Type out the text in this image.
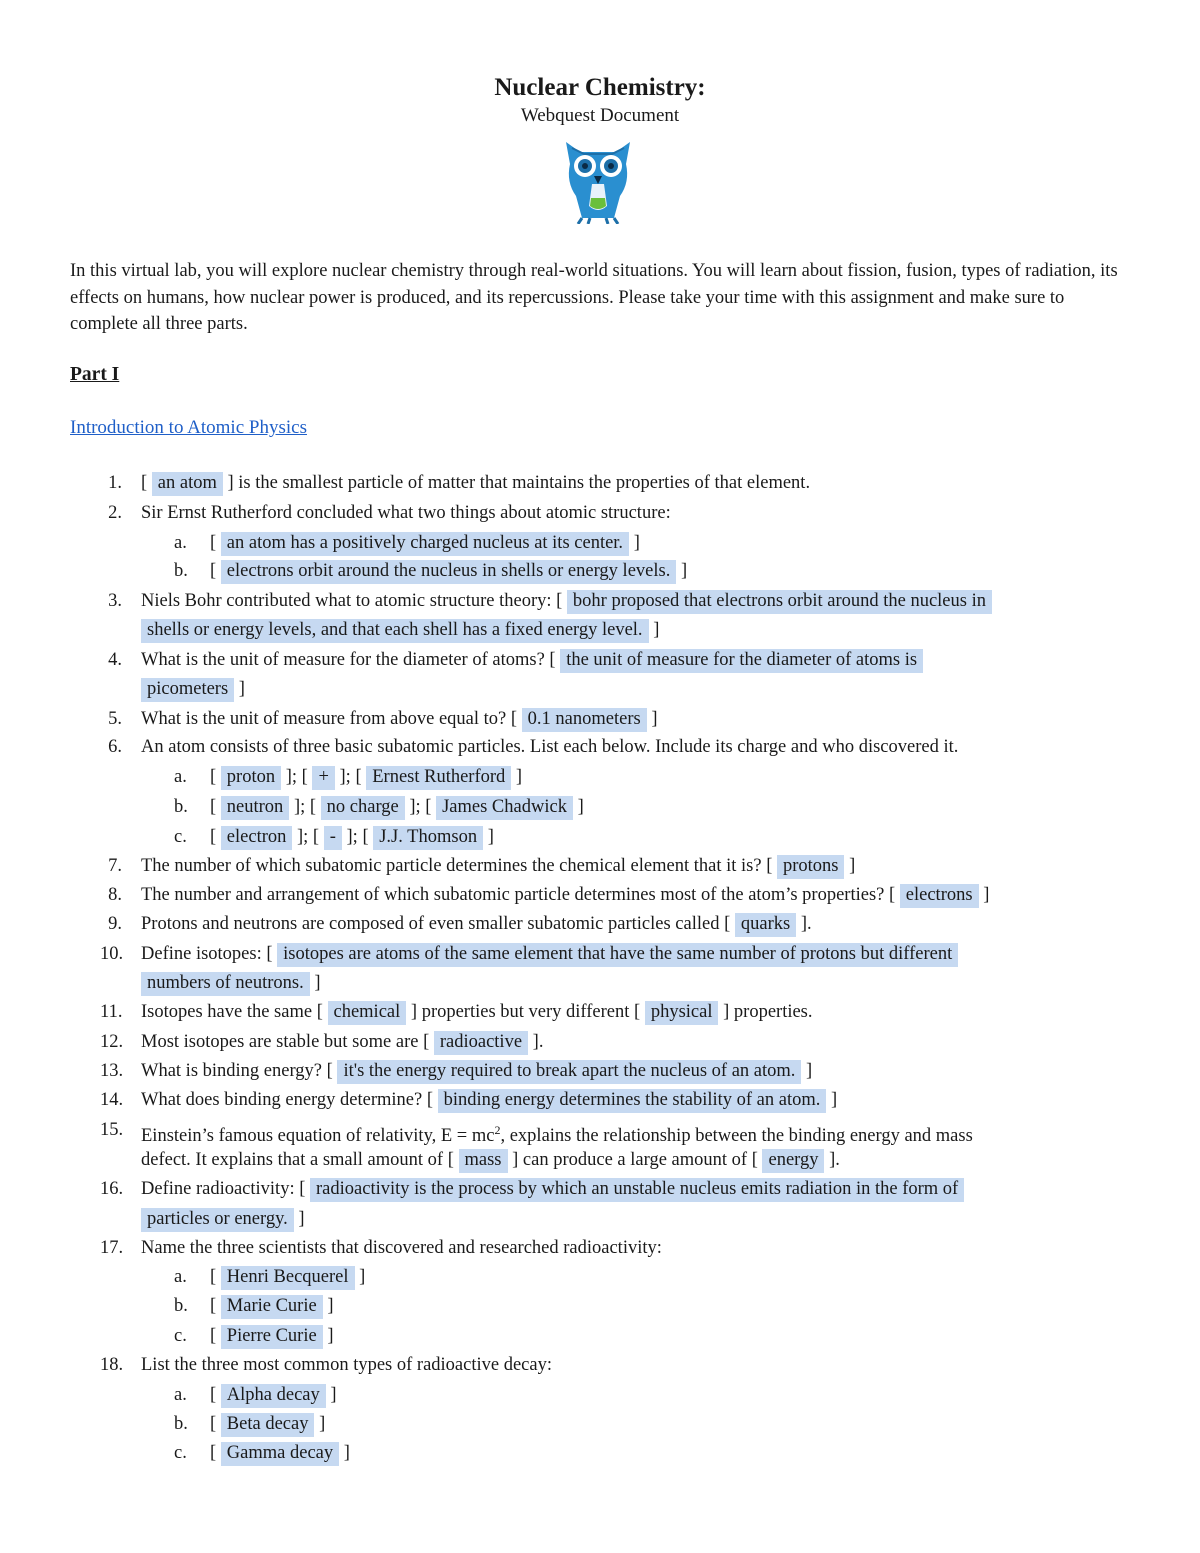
Nuclear Chemistry:
Webquest Document
In this virtual lab, you will explore nuclear chemistry through real-world situations. You will learn about fission, fusion, types of radiation, its effects on humans, how nuclear power is produced, and its repercussions. Please take your time with this assignment and make sure to complete all three parts.
Part I
Introduction to Atomic Physics
1. [ an atom ] is the smallest particle of matter that maintains the properties of that element.
2. Sir Ernst Rutherford concluded what two things about atomic structure:
a. [ an atom has a positively charged nucleus at its center. ]
b. [ electrons orbit around the nucleus in shells or energy levels. ]
3. Niels Bohr contributed what to atomic structure theory: [ bohr proposed that electrons orbit around the nucleus in
shells or energy levels, and that each shell has a fixed energy level. ]
4. What is the unit of measure for the diameter of atoms? [ the unit of measure for the diameter of atoms is
picometers ]
5. What is the unit of measure from above equal to? [ 0.1 nanometers ]
6. An atom consists of three basic subatomic particles. List each below. Include its charge and who discovered it.
a. [ proton ]; [ + ]; [ Ernest Rutherford ]
b. [ neutron ]; [ no charge ]; [ James Chadwick ]
c. [ electron ]; [ - ]; [ J.J. Thomson ]
7. The number of which subatomic particle determines the chemical element that it is? [ protons ]
8. The number and arrangement of which subatomic particle determines most of the atom’s properties? [ electrons ]
9. Protons and neutrons are composed of even smaller subatomic particles called [ quarks ].
10. Define isotopes: [ isotopes are atoms of the same element that have the same number of protons but different
numbers of neutrons. ]
11. Isotopes have the same [ chemical ] properties but very different [ physical ] properties.
12. Most isotopes are stable but some are [ radioactive ].
13. What is binding energy? [ it's the energy required to break apart the nucleus of an atom. ]
14. What does binding energy determine? [ binding energy determines the stability of an atom. ]
15. Einstein’s famous equation of relativity, $E = mc^2$, explains the relationship between the binding energy and mass
defect. It explains that a small amount of [ mass ] can produce a large amount of [ energy ].
16. Define radioactivity: [ radioactivity is the process by which an unstable nucleus emits radiation in the form of
particles or energy. ]
17. Name the three scientists that discovered and researched radioactivity:
a. [ Henri Becquerel ]
b. [ Marie Curie ]
c. [ Pierre Curie ]
18. List the three most common types of radioactive decay:
a. [ Alpha decay ]
b. [ Beta decay ]
c. [ Gamma decay ]
